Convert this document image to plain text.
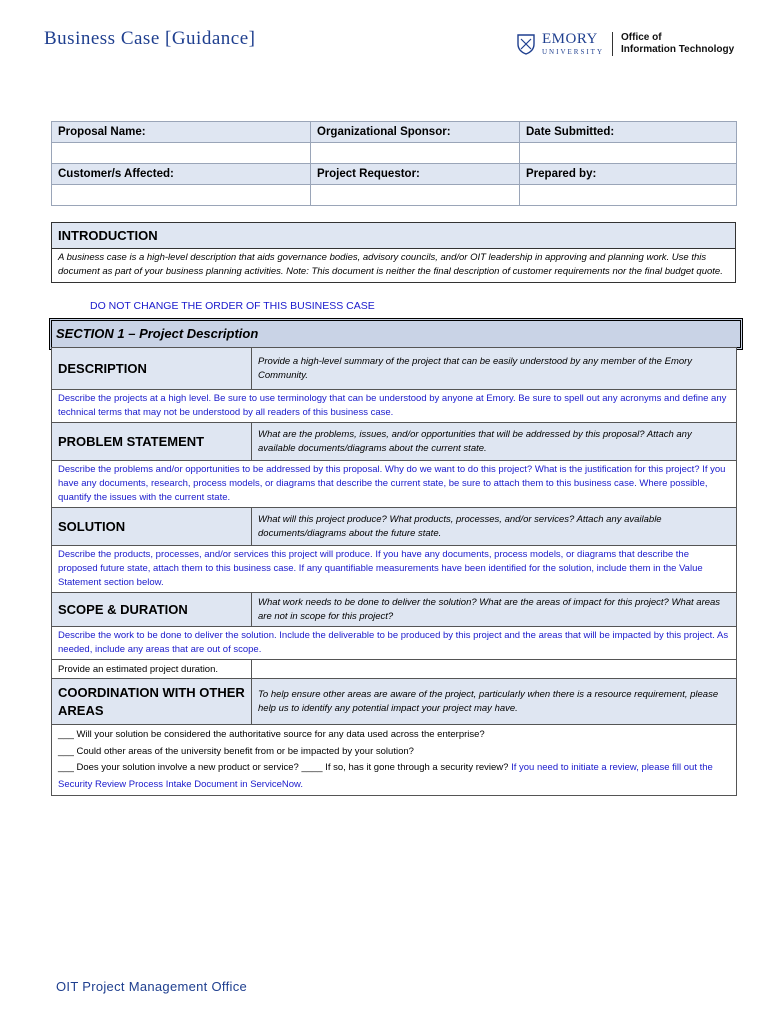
Business Case [Guidance]	EMORY
UNIVERSITY
Office of
Information Technology
Proposal Name:	Organizational Sponsor:	Date Submitted:

Customer/s Affected:	Project Requestor:	Prepared by:

INTRODUCTION
A business case is a high-level description that aids governance bodies, advisory councils, and/or OIT leadership in approving and planning work. Use this document as part of your business planning activities. Note: This document is neither the final description of customer requirements nor the final budget quote.
DO NOT CHANGE THE ORDER OF THIS BUSINESS CASE
SECTION 1 – Project Description
DESCRIPTION	Provide a high-level summary of the project that can be easily understood by any member of the Emory Community.
Describe the projects at a high level. Be sure to use terminology that can be understood by anyone at Emory. Be sure to spell out any acronyms and define any technical terms that may not be understood by all readers of this business case.	
PROBLEM STATEMENT	What are the problems, issues, and/or opportunities that will be addressed by this proposal? Attach any available documents/diagrams about the current state.
Describe the problems and/or opportunities to be addressed by this proposal. Why do we want to do this project? What is the justification for this project? If you have any documents, research, process models, or diagrams that describe the current state, be sure to attach them to this business case. Where possible, quantify the issues with the current state.	
SOLUTION	What will this project produce? What products, processes, and/or services? Attach any available documents/diagrams about the future state.
Describe the products, processes, and/or services this project will produce. If you have any documents, process models, or diagrams that describe the proposed future state, attach them to this business case. If any quantifiable measurements have been identified for the solution, include them in the Value Statement section below.	
SCOPE & DURATION	What work needs to be done to deliver the solution? What are the areas of impact for this project? What areas are not in scope for this project?
Describe the work to be done to deliver the solution. Include the deliverable to be produced by this project and the areas that will be impacted by this project. As needed, include any areas that are out of scope.	
Provide an estimated project duration.	
COORDINATION WITH OTHER AREAS	To help ensure other areas are aware of the project, particularly when there is a resource requirement, please help us to identify any potential impact your project may have.

___ Will your solution be considered the authoritative source for any data used across the enterprise?
___ Could other areas of the university benefit from or be impacted by your solution?
___ Does your solution involve a new product or service? ____ If so, has it gone through a security review? If you need to initiate a review, please fill out the Security Review Process Intake Document in ServiceNow.	
OIT Project Management Office
